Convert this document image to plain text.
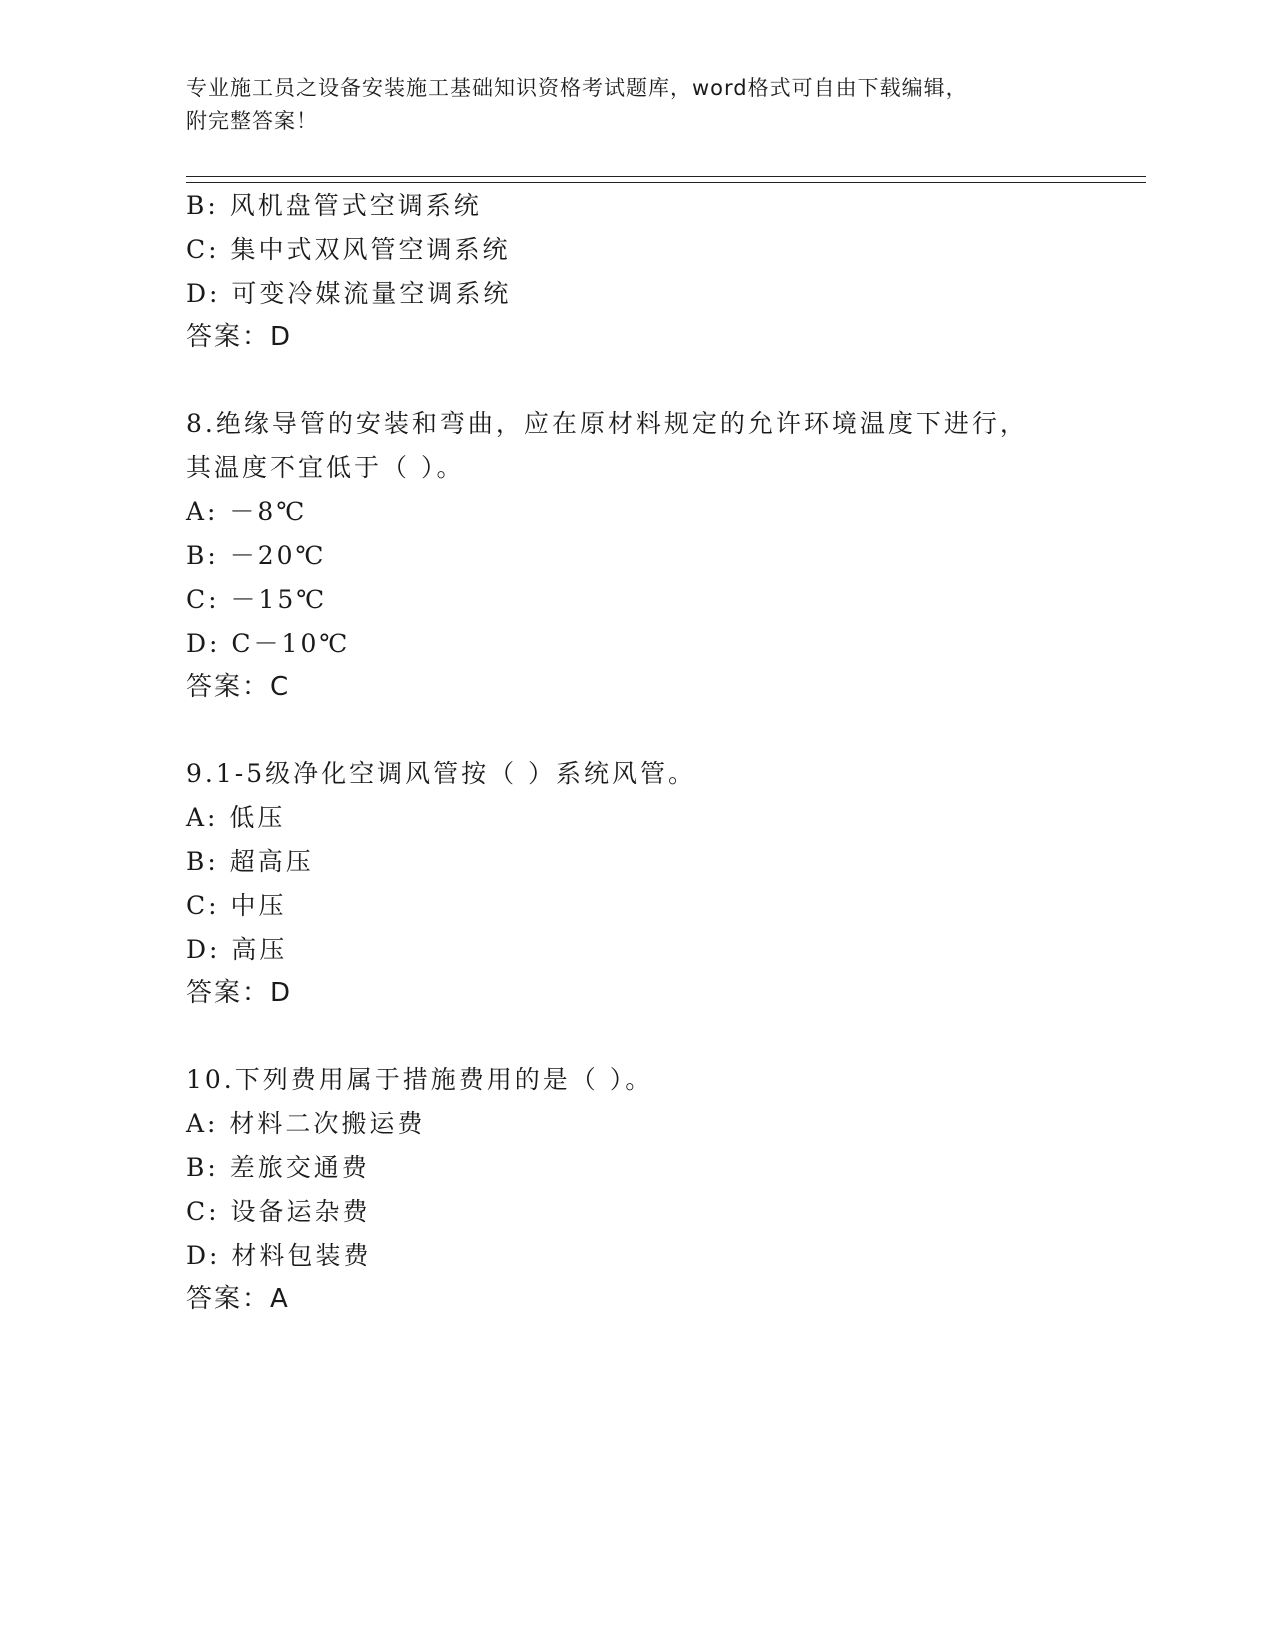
专业施工员之设备安装施工基础知识资格考试题库，word格式可自由下载编辑，
附完整答案！
B: 风机盘管式空调系统
C: 集中式双风管空调系统
D: 可变冷媒流量空调系统
答案：D
8.绝缘导管的安装和弯曲，应在原材料规定的允许环境温度下进行，
其温度不宜低于（ ）。
A: －8℃
B: －20℃
C: －15℃
D: C－10℃
答案：C
9.1-5级净化空调风管按（ ）系统风管。
A: 低压
B: 超高压
C: 中压
D: 高压
答案：D
10.下列费用属于措施费用的是（ ）。
A: 材料二次搬运费
B: 差旅交通费
C: 设备运杂费
D: 材料包装费
答案：A
